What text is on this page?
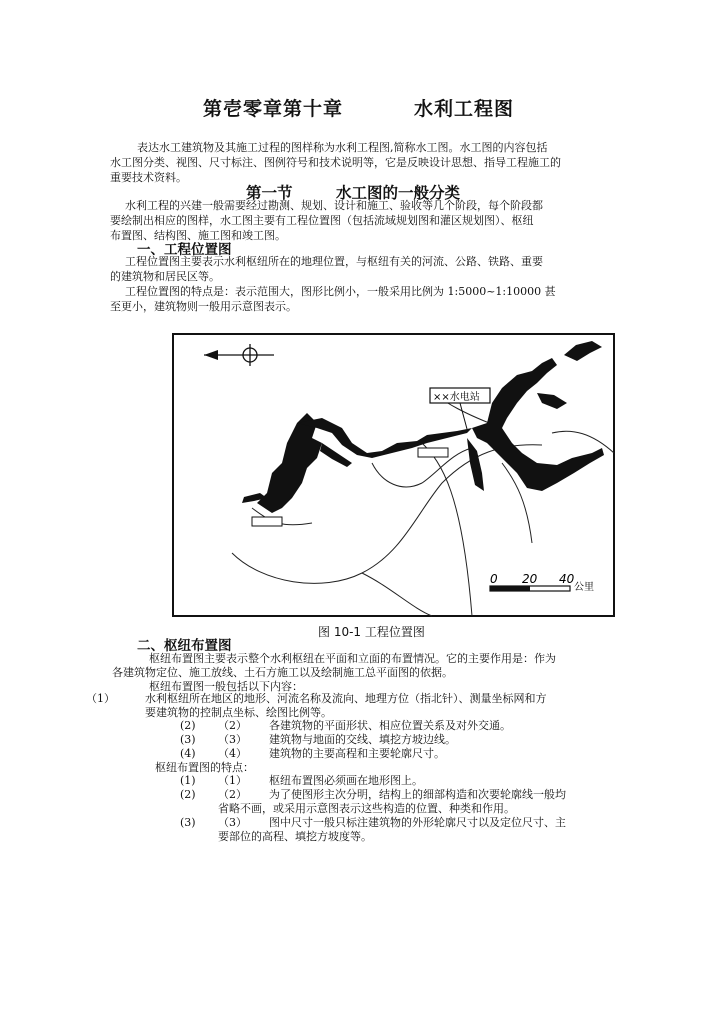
第壱零章第十章	水利工程图
表达水工建筑物及其施工过程的图样称为水利工程图,简称水工图。水工图的内容包括
水工图分类、视图、尺寸标注、图例符号和技术说明等，它是反映设计思想、指导工程施工的
重要技术资料。
第一节	水工图的一般分类
水利工程的兴建一般需要经过勘测、规划、设计和施工、验收等几个阶段，每个阶段都
要绘制出相应的图样，水工图主要有工程位置图（包括流域规划图和灌区规划图）、枢纽
布置图、结构图、施工图和竣工图。
一、工程位置图
工程位置图主要表示水利枢纽所在的地理位置，与枢纽有关的河流、公路、铁路、重要
的建筑物和居民区等。
工程位置图的特点是：表示范围大，图形比例小，一般采用比例为 1:5000~1:10000 甚
至更小，建筑物则一般用示意图表示。
××水电站
0 20 40
公里
图 10-1 工程位置图
二、枢纽布置图
枢纽布置图主要表示整个水利枢纽在平面和立面的布置情况。它的主要作用是：作为
各建筑物定位、施工放线、土石方施工以及绘制施工总平面图的依据。
枢纽布置图一般包括以下内容：
（1）	水利枢纽所在地区的地形、河流名称及流向、地理方位（指北针）、测量坐标网和方
要建筑物的控制点坐标、绘图比例等。
(2) （2） 各建筑物的平面形状、相应位置关系及对外交通。
(3) （3） 建筑物与地面的交线、填挖方坡边线。
(4) （4） 建筑物的主要高程和主要轮廓尺寸。
枢纽布置图的特点：
(1) （1） 枢纽布置图必须画在地形图上。
(2) （2） 为了使图形主次分明，结构上的细部构造和次要轮廓线一般均
省略不画，或采用示意图表示这些构造的位置、种类和作用。
(3) （3） 图中尺寸一般只标注建筑物的外形轮廓尺寸以及定位尺寸、主
要部位的高程、填挖方坡度等。
